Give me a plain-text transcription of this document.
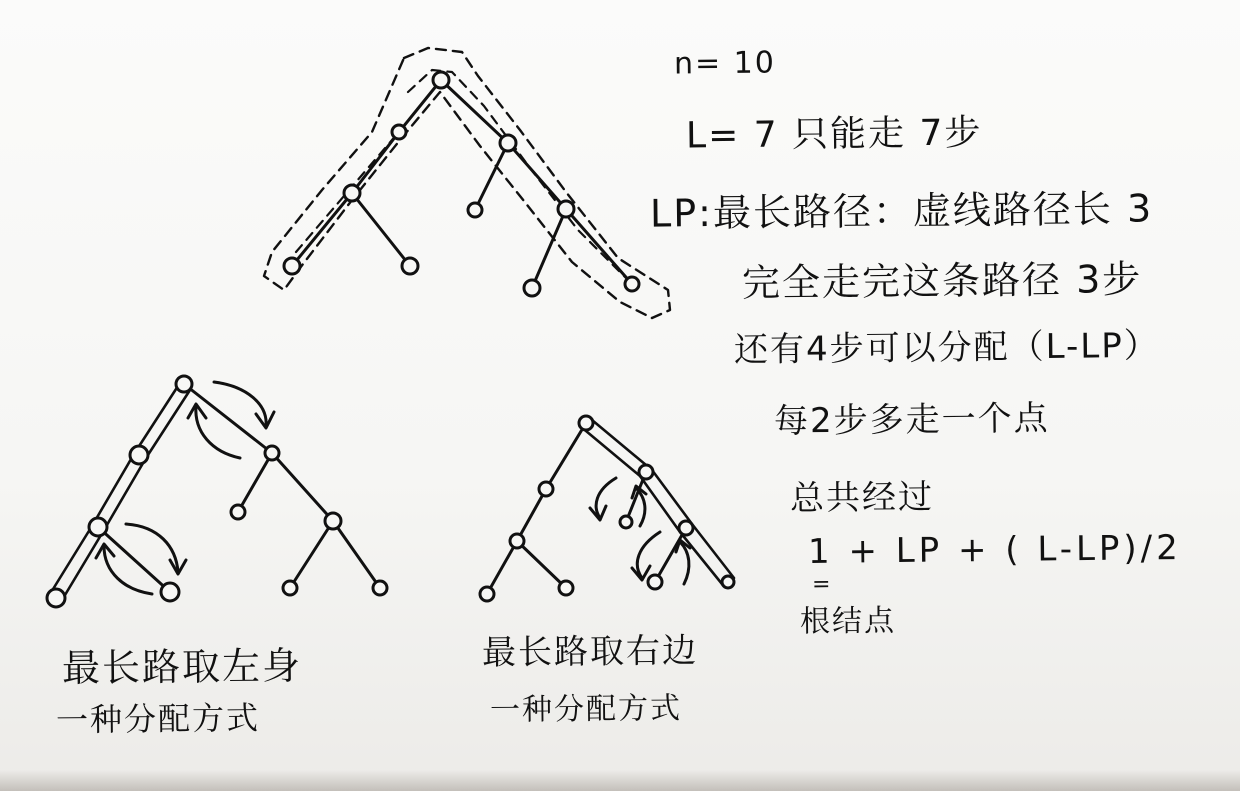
n= 10
L= 7 只能走 7步
LP:最长路径：虚线路径长 3
完全走完这条路径 3步
还有4步可以分配（L-LP）
每2步多走一个点
总共经过
1 + LP + ( L-LP)/2
=
根结点
最长路取左身
一种分配方式
最长路取右边
一种分配方式
